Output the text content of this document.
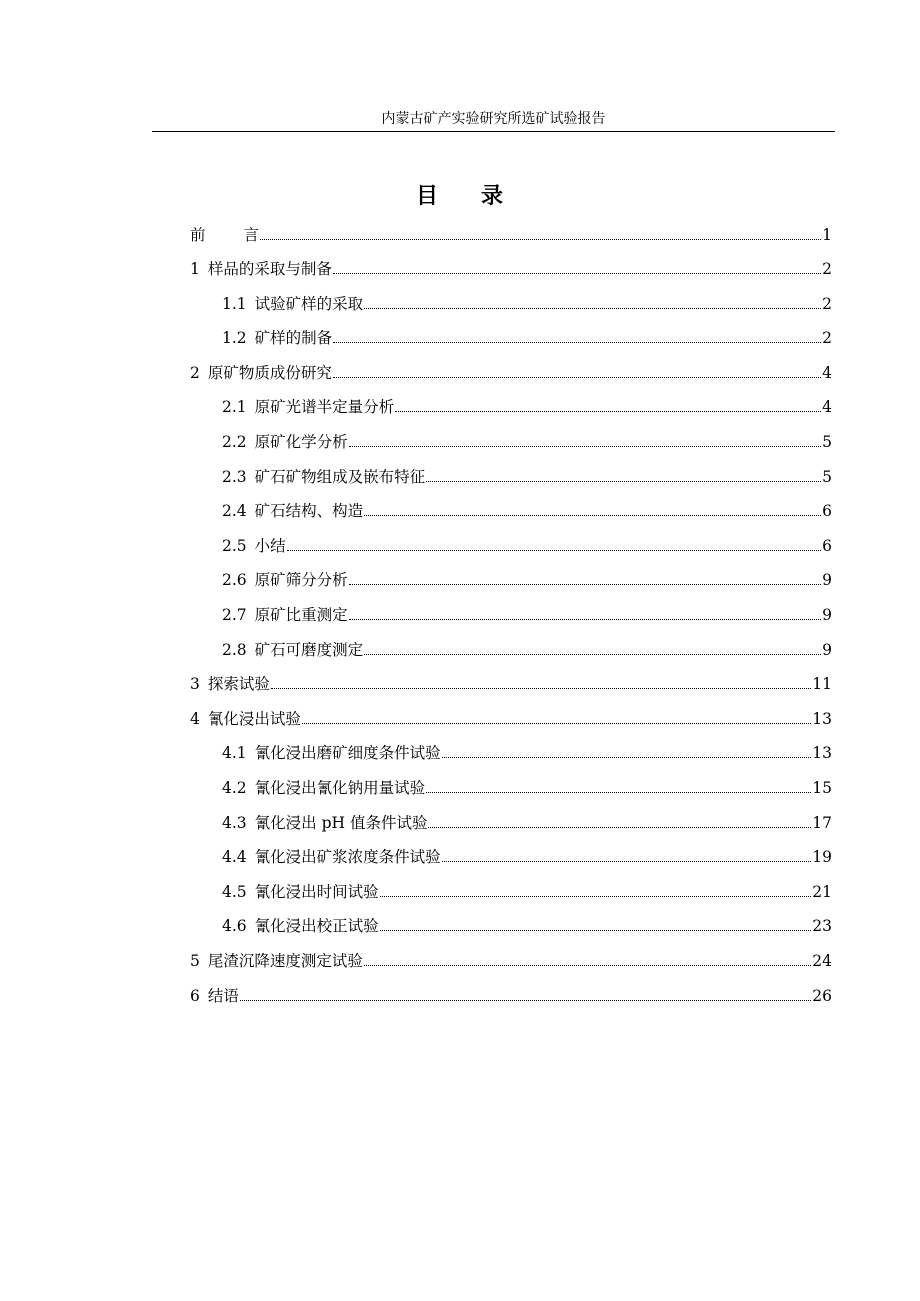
内蒙古矿产实验研究所选矿试验报告
目 录
前 言	1
1 样品的采取与制备	2
1.1 试验矿样的采取	2
1.2 矿样的制备	2
2 原矿物质成份研究	4
2.1 原矿光谱半定量分析	4
2.2 原矿化学分析	5
2.3 矿石矿物组成及嵌布特征	5
2.4 矿石结构、构造	6
2.5 小结	6
2.6 原矿筛分分析	9
2.7 原矿比重测定	9
2.8 矿石可磨度测定	9
3 探索试验	11
4 氰化浸出试验	13
4.1 氰化浸出磨矿细度条件试验	13
4.2 氰化浸出氰化钠用量试验	15
4.3 氰化浸出 pH 值条件试验	17
4.4 氰化浸出矿浆浓度条件试验	19
4.5 氰化浸出时间试验	21
4.6 氰化浸出校正试验	23
5 尾渣沉降速度测定试验	24
6 结语	26
